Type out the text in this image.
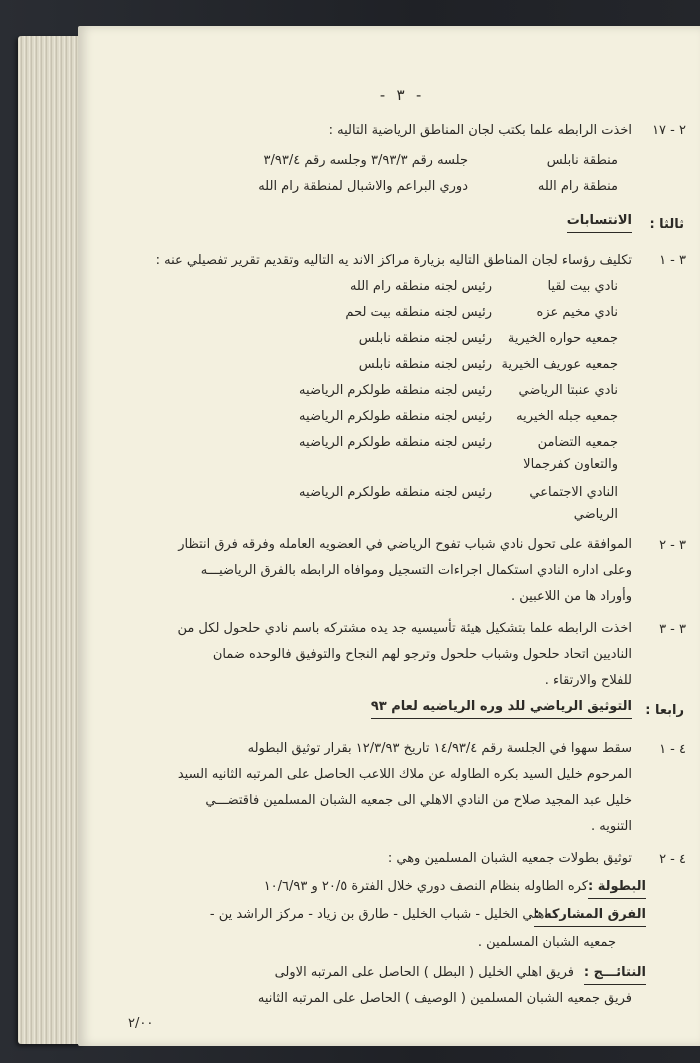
- ٣ -
٢ - ١٧
اخذت الرابطه علما بكتب لجان المناطق الرياضية التاليه :
منطقة نابلس
جلسه رقم ٣/٩٣/٣ وجلسه رقم ٣/٩٣/٤
منطقة رام الله
دوري البراعم والاشبال لمنطقة رام الله
ثالثا :
الانتسابات
٣ - ١
تكليف رؤساء لجان المناطق التاليه بزيارة مراكز الاند يه التاليه وتقديم تقرير تفصيلي عنه :
نادي بيت لقيا
رئيس لجنه منطقه رام الله
نادي مخيم عزه
رئيس لجنه منطقه بيت لحم
جمعيه حواره الخيرية
رئيس لجنه منطقه نابلس
جمعيه عوريف الخيرية
رئيس لجنه منطقه نابلس
نادي عنبتا الرياضي
رئيس لجنه منطقه طولكرم الرياضيه
جمعيه جبله الخيريه
رئيس لجنه منطقه طولكرم الرياضيه
جمعيه التضامن
رئيس لجنه منطقه طولكرم الرياضيه
والتعاون كفرجمالا
النادي الاجتماعي
رئيس لجنه منطقه طولكرم الرياضيه
الرياضي
٣ - ٢
الموافقة على تحول نادي شباب تفوح الرياضي في العضويه العامله وفرقه فرق انتظار
وعلى اداره النادي استكمال اجراءات التسجيل وموافاه الرابطه بالفرق الرياضيـــه
وأوراد ها من اللاعبين .
٣ - ٣
اخذت الرابطه علما بتشكيل هيئة تأسيسيه جد يده مشتركه باسم نادي حلحول لكل من
الناديين اتحاد حلحول وشباب حلحول وترجو لهم النجاح والتوفيق فالوحده ضمان
للفلاح والارتقاء .
رابعا :
التوثيق الرياضي للد وره الرياضيه لعام ٩٣
٤ - ١
سقط سهوا في الجلسة رقم ١٤/٩٣/٤ تاريخ ١٢/٣/٩٣ بقرار توثيق البطوله
المرحوم خليل السيد بكره الطاوله عن ملاك اللاعب الحاصل على المرتبه الثانيه السيد
خليل عبد المجيد صلاح من النادي الاهلي الى جمعيه الشبان المسلمين فاقتضـــي
التنويه .
٤ - ٢
توثيق بطولات جمعيه الشبان المسلمين وهي :
البطولة :
كره الطاوله بنظام النصف دوري خلال الفترة ٢٠/٥ و ١٠/٦/٩٣
الفرق المشاركه :
اهلي الخليل - شباب الخليل - طارق بن زياد - مركز الراشد ين -
جمعيه الشبان المسلمين .
النتائـــج :
فريق اهلي الخليل ( البطل ) الحاصل على المرتبه الاولى
فريق جمعيه الشبان المسلمين ( الوصيف ) الحاصل على المرتبه الثانيه
٢/٠٠
